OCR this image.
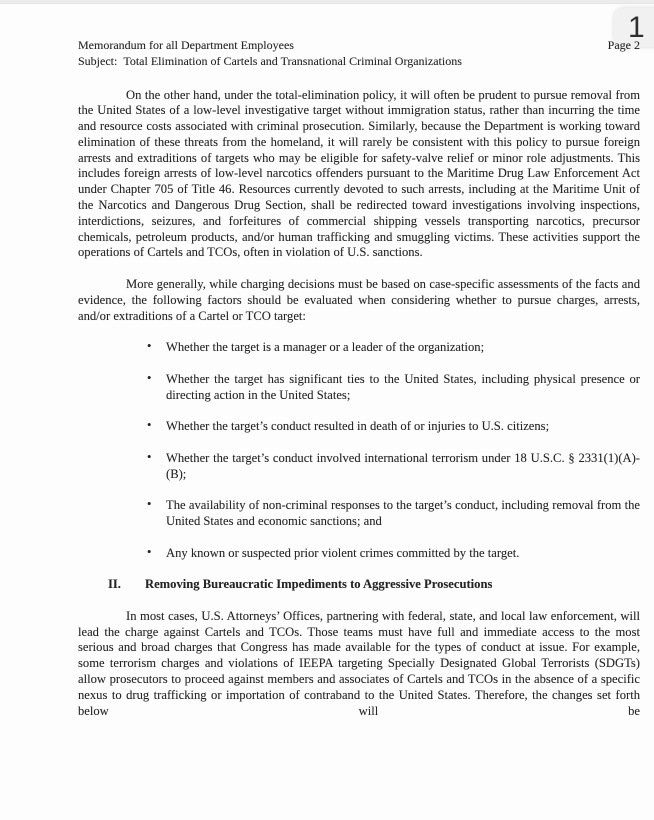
1
Memorandum for all Department Employees	Page 2
Subject: Total Elimination of Cartels and Transnational Criminal Organizations

On the other hand, under the total-elimination policy, it will often be prudent to pursue removal from the United States of a low-level investigative target without immigration status, rather than incurring the time and resource costs associated with criminal prosecution. Similarly, because the Department is working toward elimination of these threats from the homeland, it will rarely be consistent with this policy to pursue foreign arrests and extraditions of targets who may be eligible for safety-valve relief or minor role adjustments. This includes foreign arrests of low-level narcotics offenders pursuant to the Maritime Drug Law Enforcement Act under Chapter 705 of Title 46. Resources currently devoted to such arrests, including at the Maritime Unit of the Narcotics and Dangerous Drug Section, shall be redirected toward investigations involving inspections, interdictions, seizures, and forfeitures of commercial shipping vessels transporting narcotics, precursor chemicals, petroleum products, and/or human trafficking and smuggling victims. These activities support the operations of Cartels and TCOs, often in violation of U.S. sanctions.

More generally, while charging decisions must be based on case-specific assessments of the facts and evidence, the following factors should be evaluated when considering whether to pursue charges, arrests, and/or extraditions of a Cartel or TCO target:

• Whether the target is a manager or a leader of the organization;
• Whether the target has significant ties to the United States, including physical presence or directing action in the United States;
• Whether the target’s conduct resulted in death of or injuries to U.S. citizens;
• Whether the target’s conduct involved international terrorism under 18 U.S.C. § 2331(1)(A)-(B);
• The availability of non-criminal responses to the target’s conduct, including removal from the United States and economic sanctions; and
• Any known or suspected prior violent crimes committed by the target.
II.	Removing Bureaucratic Impediments to Aggressive Prosecutions

In most cases, U.S. Attorneys’ Offices, partnering with federal, state, and local law enforcement, will lead the charge against Cartels and TCOs. Those teams must have full and immediate access to the most serious and broad charges that Congress has made available for the types of conduct at issue. For example, some terrorism charges and violations of IEEPA targeting Specially Designated Global Terrorists (SDGTs) allow prosecutors to proceed against members and associates of Cartels and TCOs in the absence of a specific nexus to drug trafficking or importation of contraband to the United States. Therefore, the changes set forth below will be
